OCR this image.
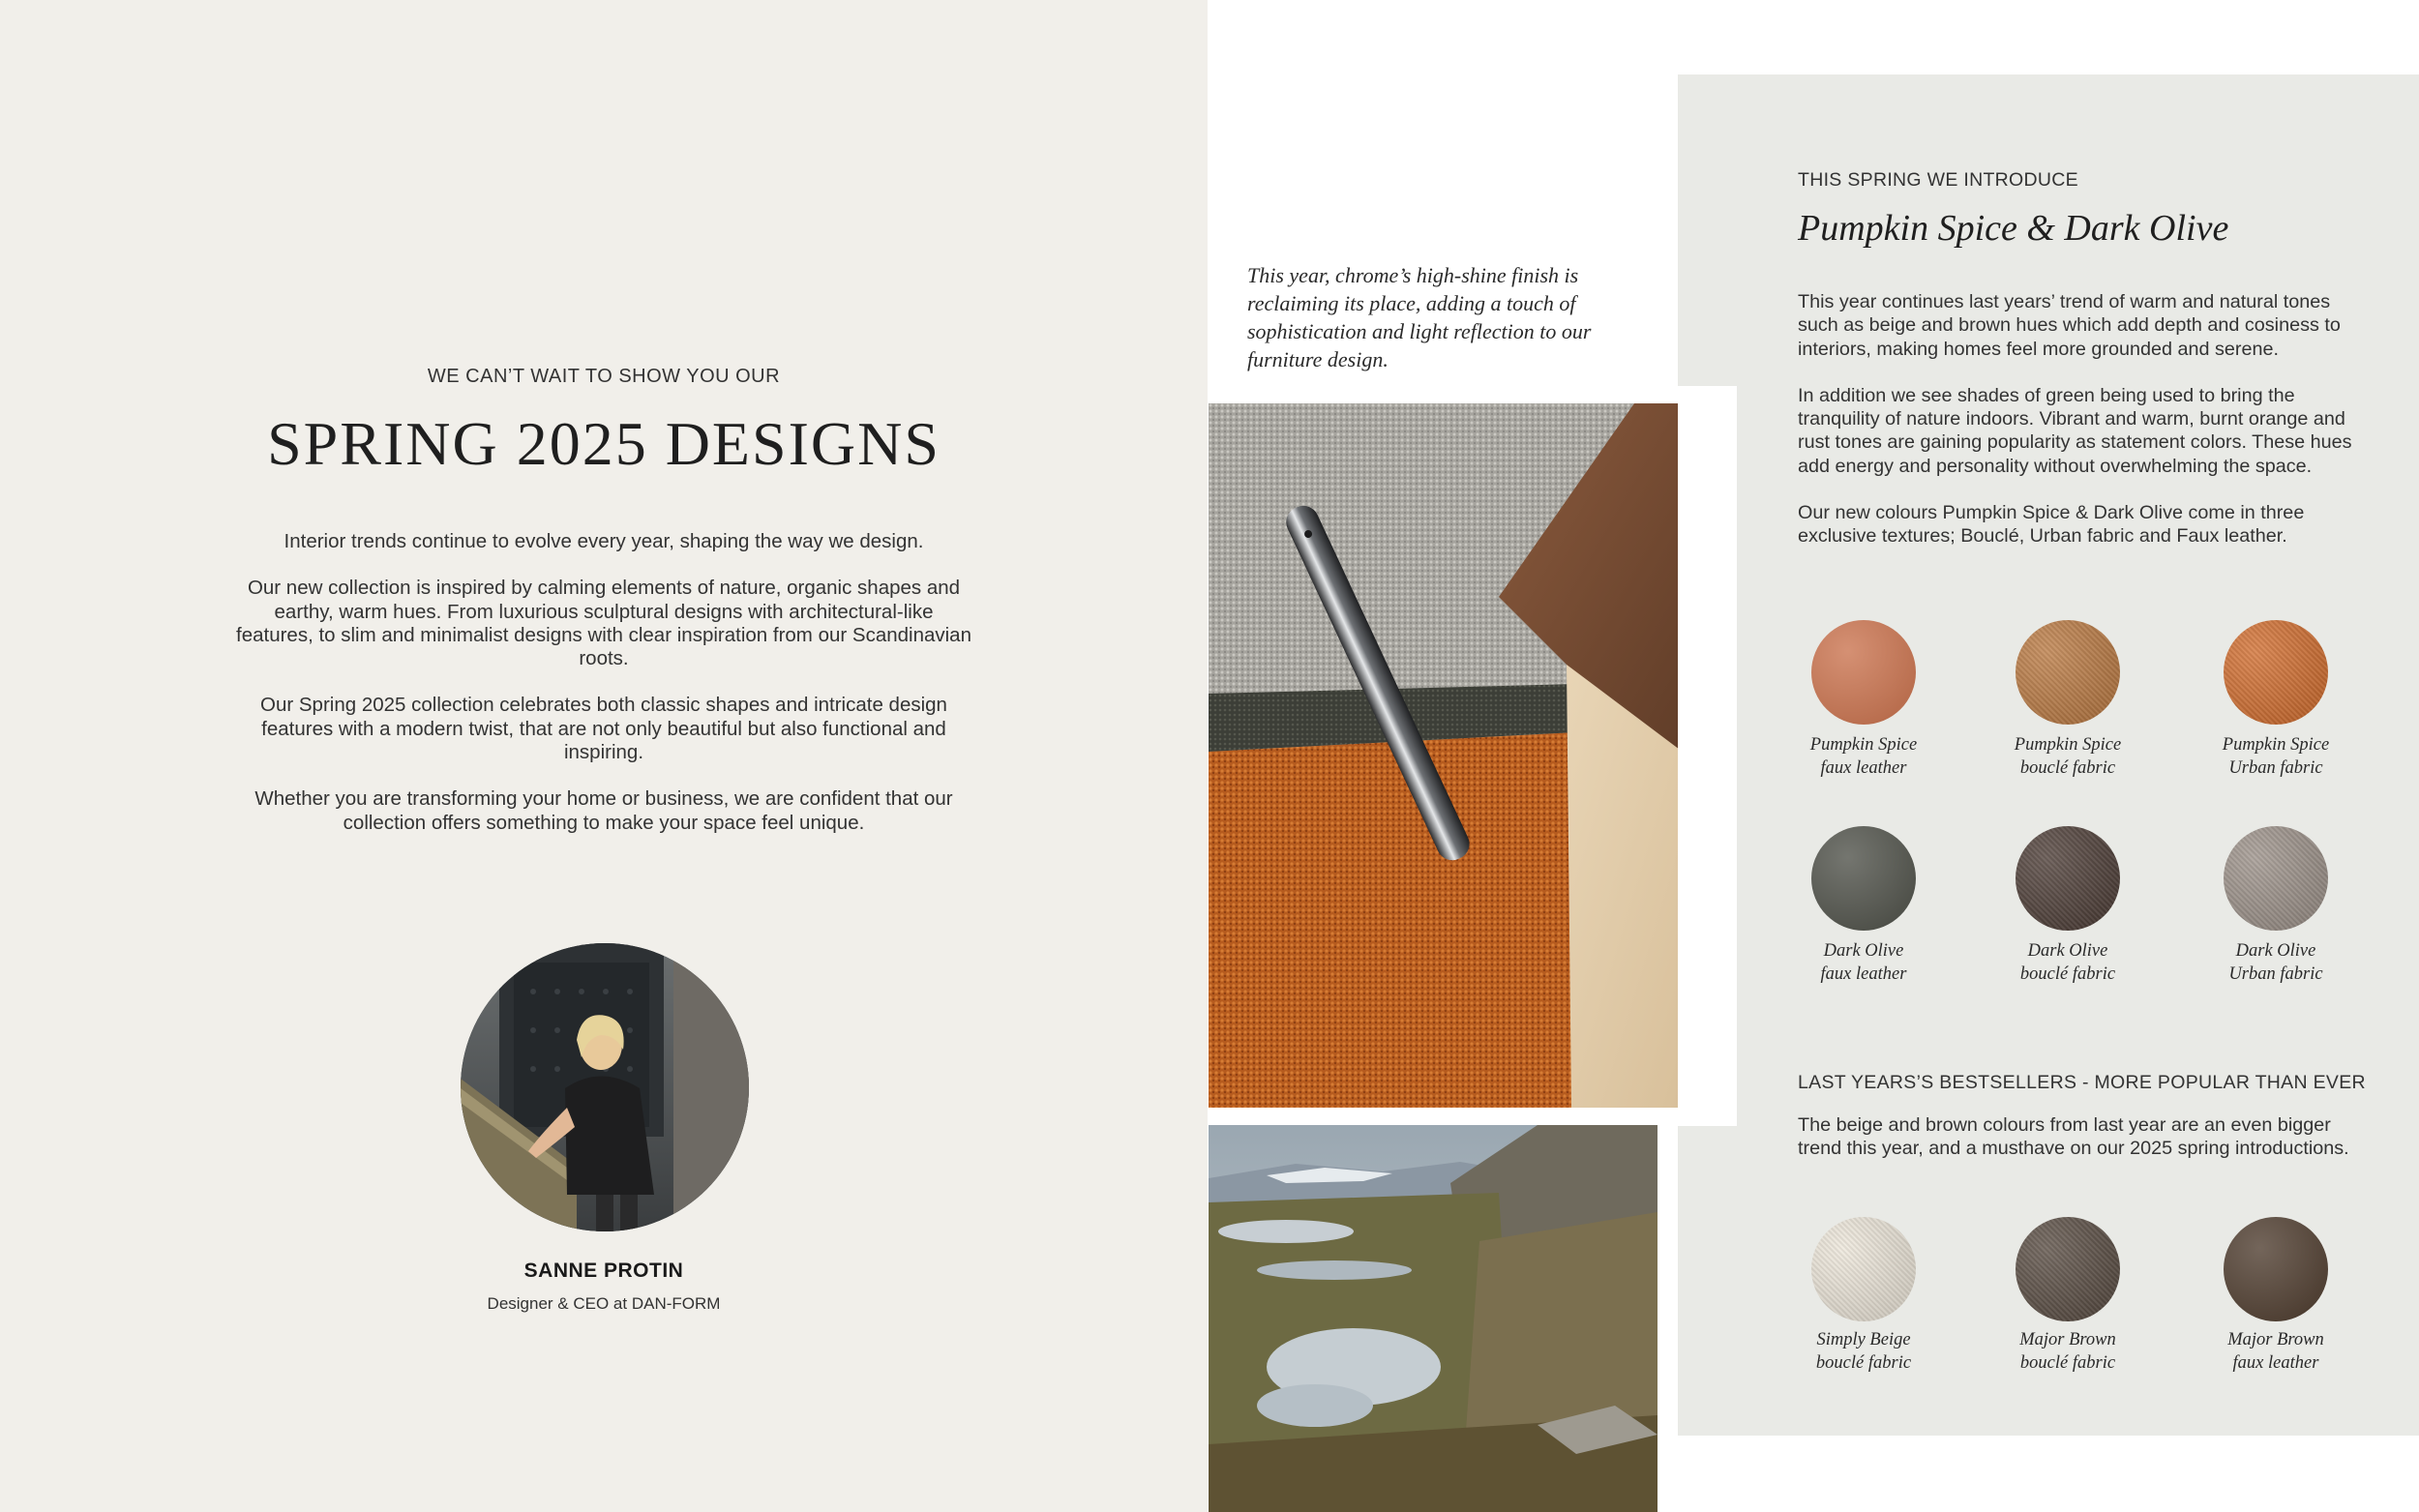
WE CAN’T WAIT TO SHOW YOU OUR
SPRING 2025 DESIGNS

Interior trends continue to evolve every year, shaping the way we design.

Our new collection is inspired by calming elements of nature, organic shapes and earthy, warm hues. From luxurious sculptural designs with architectural-like features, to slim and minimalist designs with clear inspiration from our Scandinavian roots.

Our Spring 2025 collection celebrates both classic shapes and intricate design features with a modern twist, that are not only beautiful but also functional and inspiring.

Whether you are transforming your home or business, we are confident that our collection offers something to make your space feel unique.

SANNE PROTIN
Designer & CEO at DAN-FORM
This year, chrome’s high-shine finish is reclaiming its place, adding a touch of sophistication and light reflection to our furniture design.
THIS SPRING WE INTRODUCE
Pumpkin Spice & Dark Olive

This year continues last years’ trend of warm and natural tones such as beige and brown hues which add depth and cosiness to interiors, making homes feel more grounded and serene.

In addition we see shades of green being used to bring the tranquility of nature indoors. Vibrant and warm, burnt orange and rust tones are gaining popularity as statement colors. These hues add energy and personality without overwhelming the space.

Our new colours Pumpkin Spice & Dark Olive come in three exclusive textures; Bouclé, Urban fabric and Faux leather.

Pumpkin Spice
faux leather
Pumpkin Spice
bouclé fabric
Pumpkin Spice
Urban fabric
Dark Olive
faux leather
Dark Olive
bouclé fabric
Dark Olive
Urban fabric
LAST YEARS’S BESTSELLERS - MORE POPULAR THAN EVER

The beige and brown colours from last year are an even bigger trend this year, and a musthave on our 2025 spring introductions.

Simply Beige
bouclé fabric
Major Brown
bouclé fabric
Major Brown
faux leather
